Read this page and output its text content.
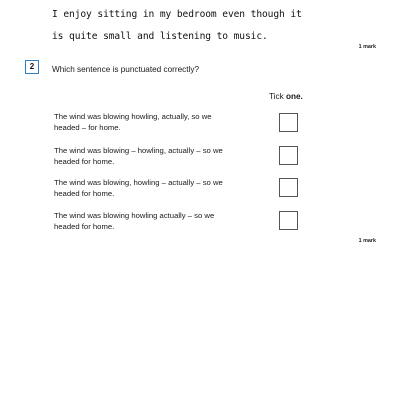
I enjoy sitting in my bedroom even though it
is quite small and listening to music.
1 mark
2	Which sentence is punctuated correctly?
Tick one.
The wind was blowing howling, actually, so we
headed – for home.
The wind was blowing – howling, actually – so we
headed for home.
The wind was blowing, howling – actually – so we
headed for home.
The wind was blowing howling actually – so we
headed for home.
1 mark
